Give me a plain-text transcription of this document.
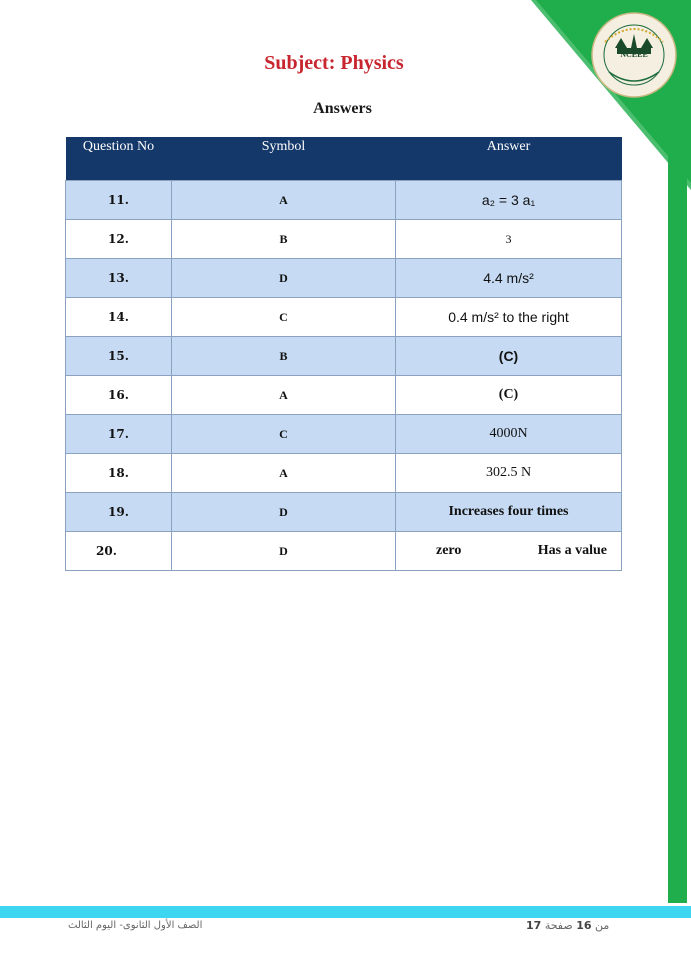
NCEEE
Subject: Physics
Answers
Question No	Symbol	Answer
11.	A	a₂ = 3 a₁
12.	B	3
13.	D	4.4 m/s²
14.	C	0.4 m/s² to the right
15.	B	(C)
16.	A	(C)
17.	C	4000N
18.	A	302.5 N
19.	D	Increases four times
20.	D	zero Has a value
الصف الأول الثانوى- اليوم الثالث	17	من 16 صفحة
